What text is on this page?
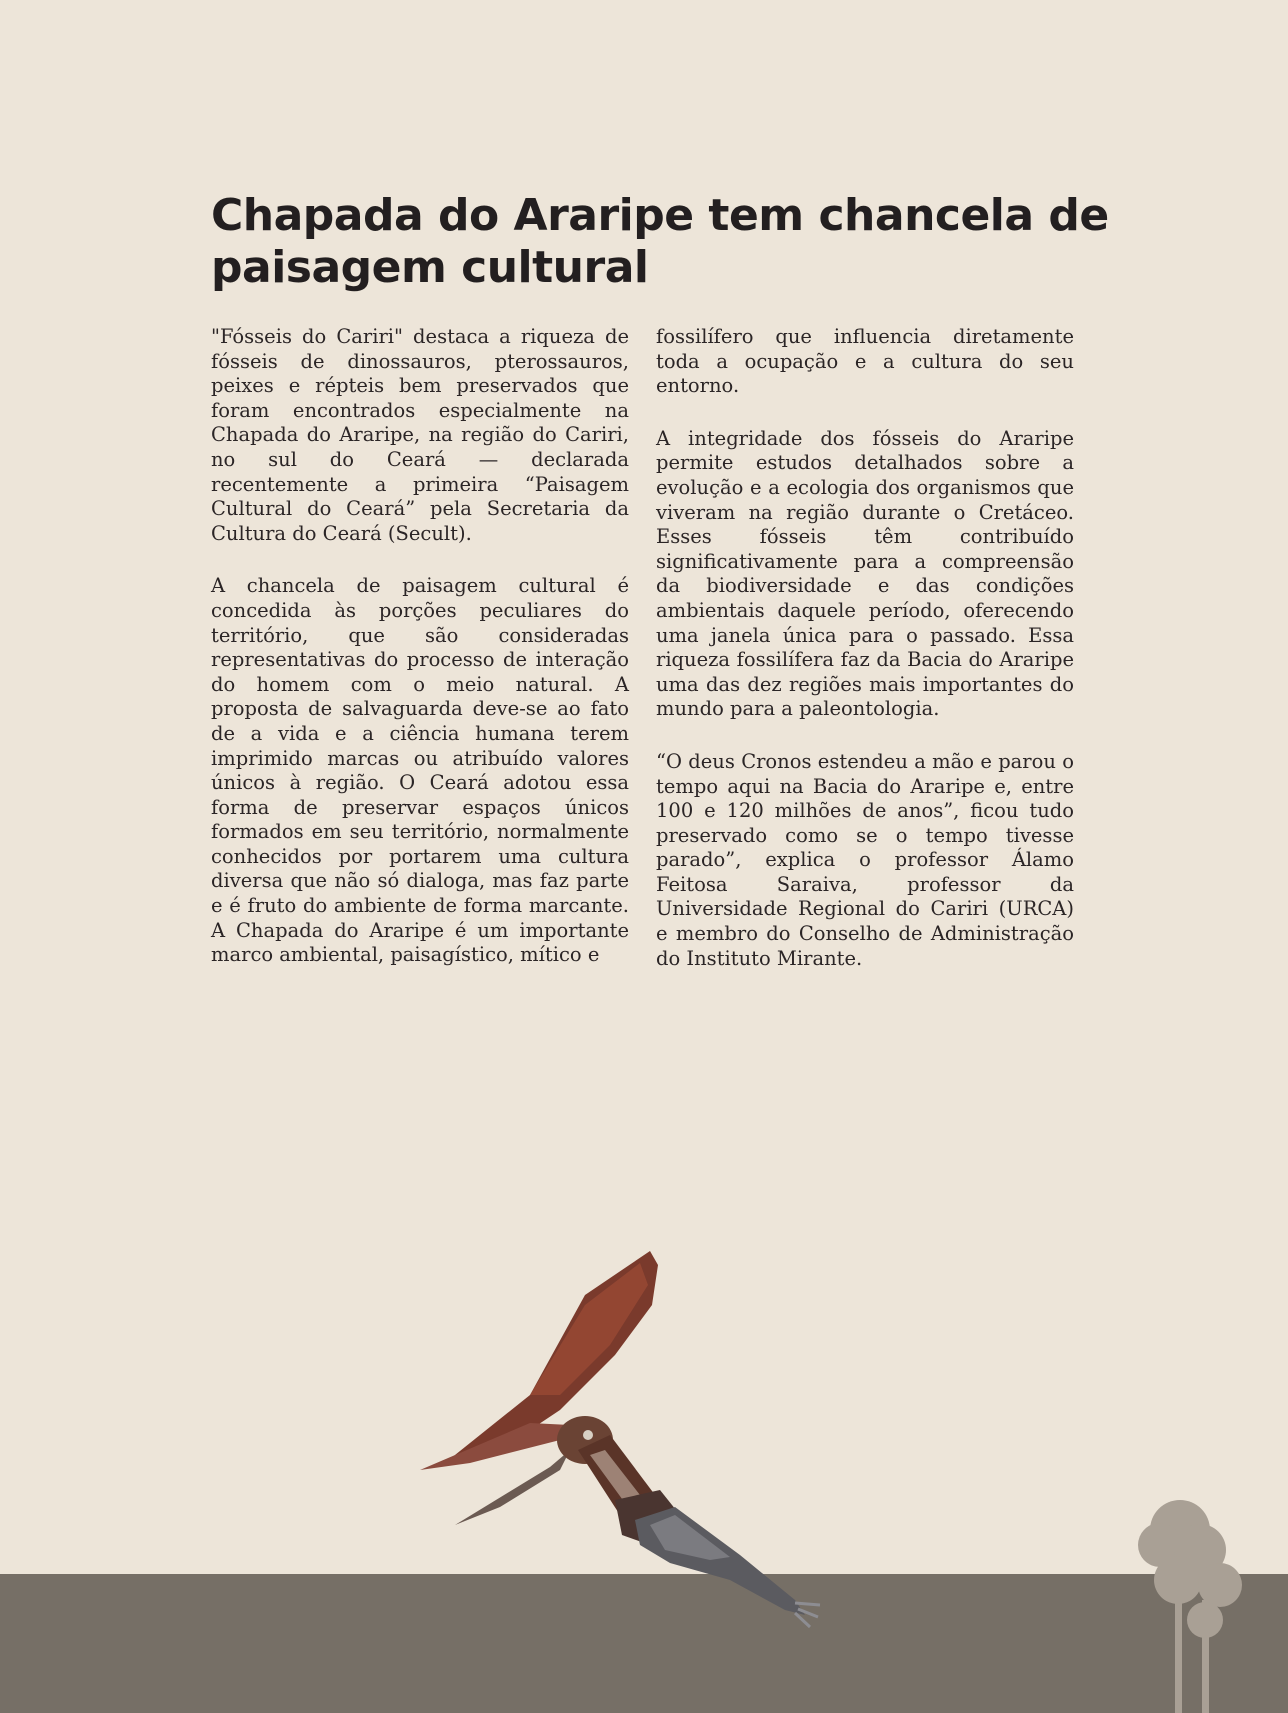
Chapada do Araripe tem chancela de paisagem cultural

"Fósseis do Cariri" destaca a riqueza de fósseis de dinossauros, pterossauros, peixes e répteis bem preservados que foram encontrados especialmente na Chapada do Araripe, na região do Cariri, no sul do Ceará — declarada recentemente a primeira “Paisagem Cultural do Ceará” pela Secretaria da Cultura do Ceará (Secult).

A chancela de paisagem cultural é concedida às porções peculiares do território, que são consideradas representativas do processo de interação do homem com o meio natural. A proposta de salvaguarda deve-se ao fato de a vida e a ciência humana terem imprimido marcas ou atribuído valores únicos à região. O Ceará adotou essa forma de preservar espaços únicos formados em seu território, normalmente conhecidos por portarem uma cultura diversa que não só dialoga, mas faz parte e é fruto do ambiente de forma marcante. A Chapada do Araripe é um importante marco ambiental, paisagístico, mítico e

fossilífero que influencia diretamente toda a ocupação e a cultura do seu entorno.

A integridade dos fósseis do Araripe permite estudos detalhados sobre a evolução e a ecologia dos organismos que viveram na região durante o Cretáceo. Esses fósseis têm contribuído significativamente para a compreensão da biodiversidade e das condições ambientais daquele período, oferecendo uma janela única para o passado. Essa riqueza fossilífera faz da Bacia do Araripe uma das dez regiões mais importantes do mundo para a paleontologia.

“O deus Cronos estendeu a mão e parou o tempo aqui na Bacia do Araripe e, entre 100 e 120 milhões de anos”, ficou tudo preservado como se o tempo tivesse parado”, explica o professor Álamo Feitosa Saraiva, professor da Universidade Regional do Cariri (URCA) e membro do Conselho de Administração do Instituto Mirante.
